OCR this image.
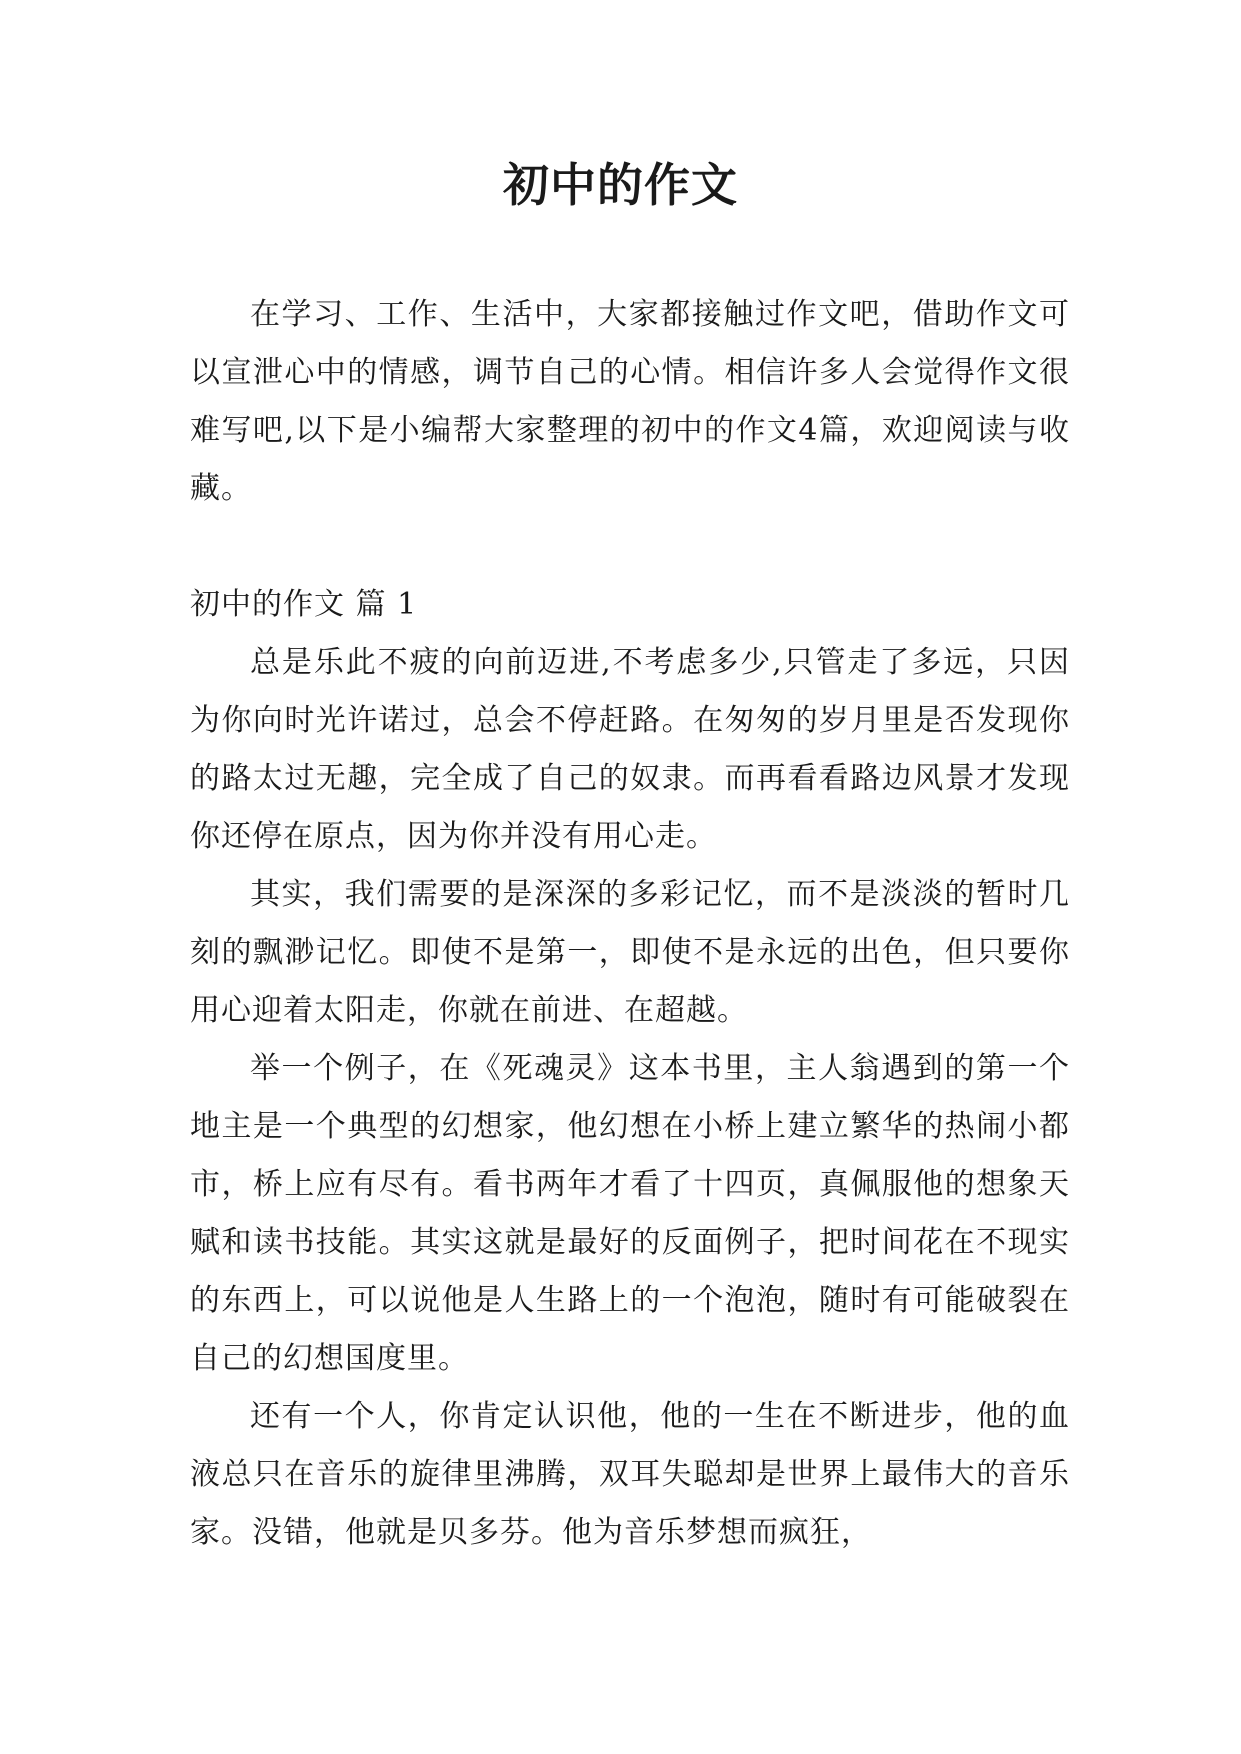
初中的作文

在学习、工作、生活中，大家都接触过作文吧，借助作文可以宣泄心中的情感，调节自己的心情。相信许多人会觉得作文很难写吧,以下是小编帮大家整理的初中的作文4篇，欢迎阅读与收藏。

初中的作文 篇 1

总是乐此不疲的向前迈进,不考虑多少,只管走了多远，只因为你向时光许诺过，总会不停赶路。在匆匆的岁月里是否发现你的路太过无趣，完全成了自己的奴隶。而再看看路边风景才发现你还停在原点，因为你并没有用心走。

其实，我们需要的是深深的多彩记忆，而不是淡淡的暂时几刻的飘渺记忆。即使不是第一，即使不是永远的出色，但只要你用心迎着太阳走，你就在前进、在超越。

举一个例子，在《死魂灵》这本书里，主人翁遇到的第一个地主是一个典型的幻想家，他幻想在小桥上建立繁华的热闹小都市，桥上应有尽有。看书两年才看了十四页，真佩服他的想象天赋和读书技能。其实这就是最好的反面例子，把时间花在不现实的东西上，可以说他是人生路上的一个泡泡，随时有可能破裂在自己的幻想国度里。

还有一个人，你肯定认识他，他的一生在不断进步，他的血液总只在音乐的旋律里沸腾，双耳失聪却是世界上最伟大的音乐家。没错，他就是贝多芬。他为音乐梦想而疯狂，
